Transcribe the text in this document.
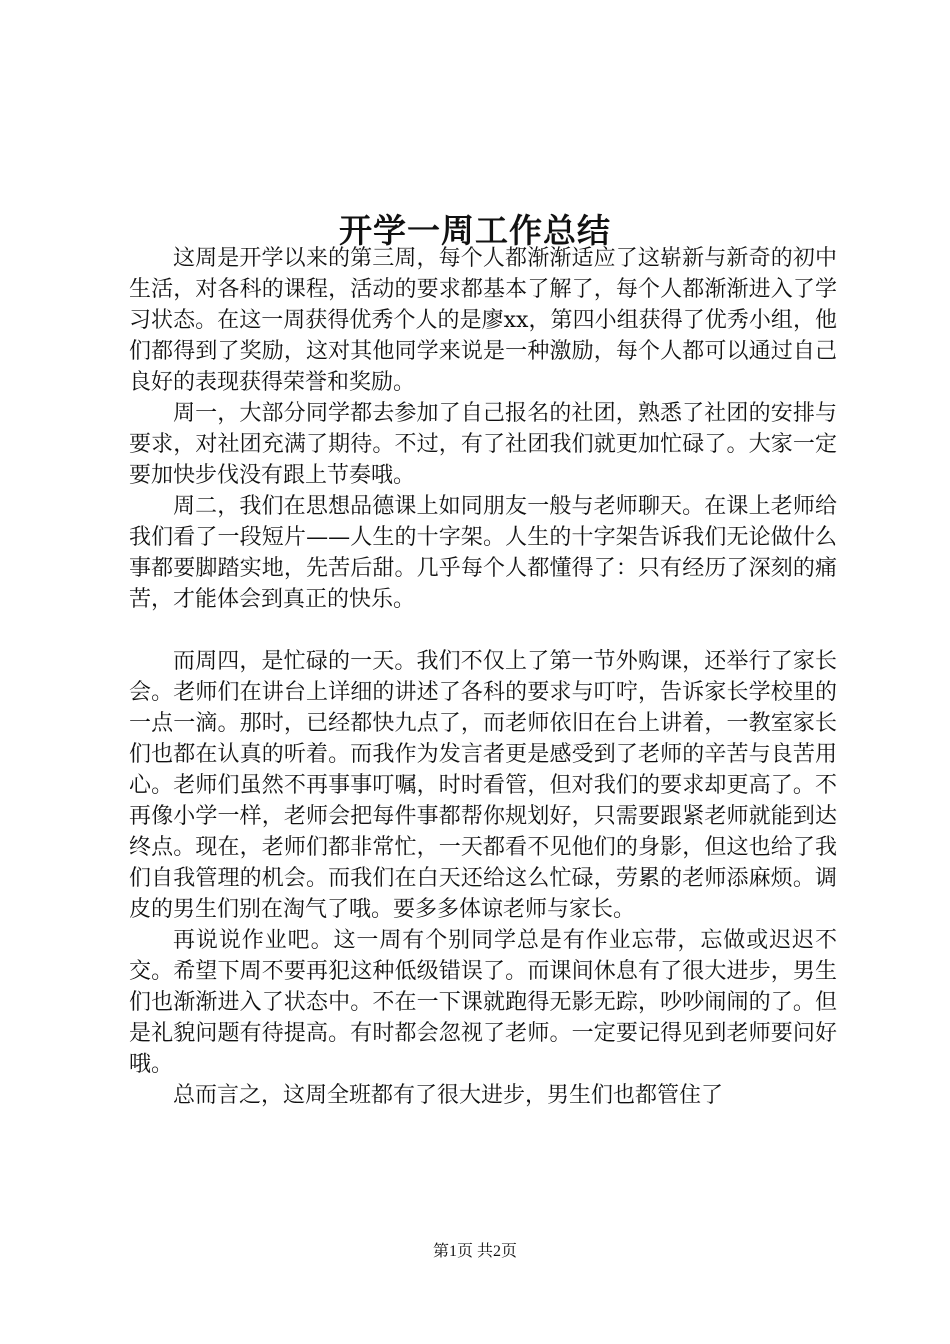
开学一周工作总结

这周是开学以来的第三周，每个人都渐渐适应了这崭新与新奇的初中生活，对各科的课程，活动的要求都基本了解了，每个人都渐渐进入了学习状态。在这一周获得优秀个人的是廖xx，第四小组获得了优秀小组，他们都得到了奖励，这对其他同学来说是一种激励，每个人都可以通过自己良好的表现获得荣誉和奖励。

周一，大部分同学都去参加了自己报名的社团，熟悉了社团的安排与要求，对社团充满了期待。不过，有了社团我们就更加忙碌了。大家一定要加快步伐没有跟上节奏哦。

周二，我们在思想品德课上如同朋友一般与老师聊天。在课上老师给我们看了一段短片——人生的十字架。人生的十字架告诉我们无论做什么事都要脚踏实地，先苦后甜。几乎每个人都懂得了：只有经历了深刻的痛苦，才能体会到真正的快乐。

而周四，是忙碌的一天。我们不仅上了第一节外购课，还举行了家长会。老师们在讲台上详细的讲述了各科的要求与叮咛，告诉家长学校里的一点一滴。那时，已经都快九点了，而老师依旧在台上讲着，一教室家长们也都在认真的听着。而我作为发言者更是感受到了老师的辛苦与良苦用心。老师们虽然不再事事叮嘱，时时看管，但对我们的要求却更高了。不再像小学一样，老师会把每件事都帮你规划好，只需要跟紧老师就能到达终点。现在，老师们都非常忙，一天都看不见他们的身影，但这也给了我们自我管理的机会。而我们在白天还给这么忙碌，劳累的老师添麻烦。调皮的男生们别在淘气了哦。要多多体谅老师与家长。

再说说作业吧。这一周有个别同学总是有作业忘带，忘做或迟迟不交。希望下周不要再犯这种低级错误了。而课间休息有了很大进步，男生们也渐渐进入了状态中。不在一下课就跑得无影无踪，吵吵闹闹的了。但是礼貌问题有待提高。有时都会忽视了老师。一定要记得见到老师要问好哦。

总而言之，这周全班都有了很大进步，男生们也都管住了

第1页 共2页
